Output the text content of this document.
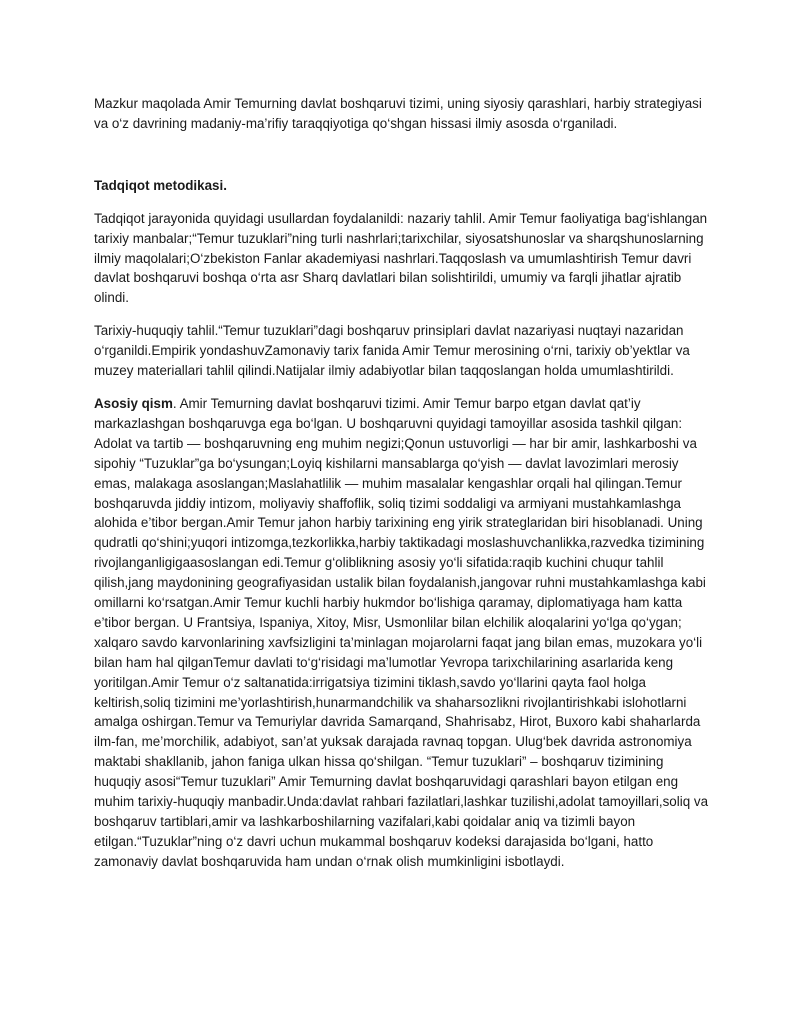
Mazkur maqolada Amir Temurning davlat boshqaruvi tizimi, uning siyosiy qarashlari, harbiy strategiyasi va o‘z davrining madaniy-ma’rifiy taraqqiyotiga qo‘shgan hissasi ilmiy asosda o‘rganiladi.

Tadqiqot metodikasi.

Tadqiqot jarayonida quyidagi usullardan foydalanildi: nazariy tahlil. Amir Temur faoliyatiga bag‘ishlangan tarixiy manbalar;“Temur tuzuklari”ning turli nashrlari;tarixchilar, siyosatshunoslar va sharqshunoslarning ilmiy maqolalari;O‘zbekiston Fanlar akademiyasi nashrlari.Taqqoslash va umumlashtirish Temur davri davlat boshqaruvi boshqa o‘rta asr Sharq davlatlari bilan solishtirildi, umumiy va farqli jihatlar ajratib olindi.

Tarixiy-huquqiy tahlil.“Temur tuzuklari”dagi boshqaruv prinsiplari davlat nazariyasi nuqtayi nazaridan o‘rganildi.Empirik yondashuvZamonaviy tarix fanida Amir Temur merosining o‘rni, tarixiy ob’yektlar va muzey materiallari tahlil qilindi.Natijalar ilmiy adabiyotlar bilan taqqoslangan holda umumlashtirildi.

Asosiy qism. Amir Temurning davlat boshqaruvi tizimi. Amir Temur barpo etgan davlat qat’iy markazlashgan boshqaruvga ega bo‘lgan. U boshqaruvni quyidagi tamoyillar asosida tashkil qilgan: Adolat va tartib — boshqaruvning eng muhim negizi;Qonun ustuvorligi — har bir amir, lashkarboshi va sipohiy “Tuzuklar”ga bo‘ysungan;Loyiq kishilarni mansablarga qo‘yish — davlat lavozimlari merosiy emas, malakaga asoslangan;Maslahatlilik — muhim masalalar kengashlar orqali hal qilingan.Temur boshqaruvda jiddiy intizom, moliyaviy shaffoflik, soliq tizimi soddaligi va armiyani mustahkamlashga alohida e’tibor bergan.Amir Temur jahon harbiy tarixining eng yirik strateglaridan biri hisoblanadi. Uning qudratli qo‘shini;yuqori intizomga,tezkorlikka,harbiy taktikadagi moslashuvchanlikka,razvedka tizimining rivojlanganligigaasoslangan edi.Temur g‘oliblikning asosiy yo‘li sifatida:raqib kuchini chuqur tahlil qilish,jang maydonining geografiyasidan ustalik bilan foydalanish,jangovar ruhni mustahkamlashga kabi omillarni ko‘rsatgan.Amir Temur kuchli harbiy hukmdor bo‘lishiga qaramay, diplomatiyaga ham katta e’tibor bergan. U Frantsiya, Ispaniya, Xitoy, Misr, Usmonlilar bilan elchilik aloqalarini yo‘lga qo‘ygan; xalqaro savdo karvonlarining xavfsizligini ta’minlagan mojarolarni faqat jang bilan emas, muzokara yo‘li bilan ham hal qilganTemur davlati to‘g‘risidagi ma’lumotlar Yevropa tarixchilarining asarlarida keng yoritilgan.Amir Temur o‘z saltanatida:irrigatsiya tizimini tiklash,savdo yo‘llarini qayta faol holga keltirish,soliq tizimini me’yorlashtirish,hunarmandchilik va shaharsozlikni rivojlantirishkabi islohotlarni amalga oshirgan.Temur va Temuriylar davrida Samarqand, Shahrisabz, Hirot, Buxoro kabi shaharlarda ilm-fan, me’morchilik, adabiyot, san’at yuksak darajada ravnaq topgan. Ulug‘bek davrida astronomiya maktabi shakllanib, jahon faniga ulkan hissa qo‘shilgan. “Temur tuzuklari” – boshqaruv tizimining huquqiy asosi“Temur tuzuklari” Amir Temurning davlat boshqaruvidagi qarashlari bayon etilgan eng muhim tarixiy-huquqiy manbadir.Unda:davlat rahbari fazilatlari,lashkar tuzilishi,adolat tamoyillari,soliq va boshqaruv tartiblari,amir va lashkarboshilarning vazifalari,kabi qoidalar aniq va tizimli bayon etilgan.“Tuzuklar”ning o‘z davri uchun mukammal boshqaruv kodeksi darajasida bo‘lgani, hatto zamonaviy davlat boshqaruvida ham undan o‘rnak olish mumkinligini isbotlaydi.
